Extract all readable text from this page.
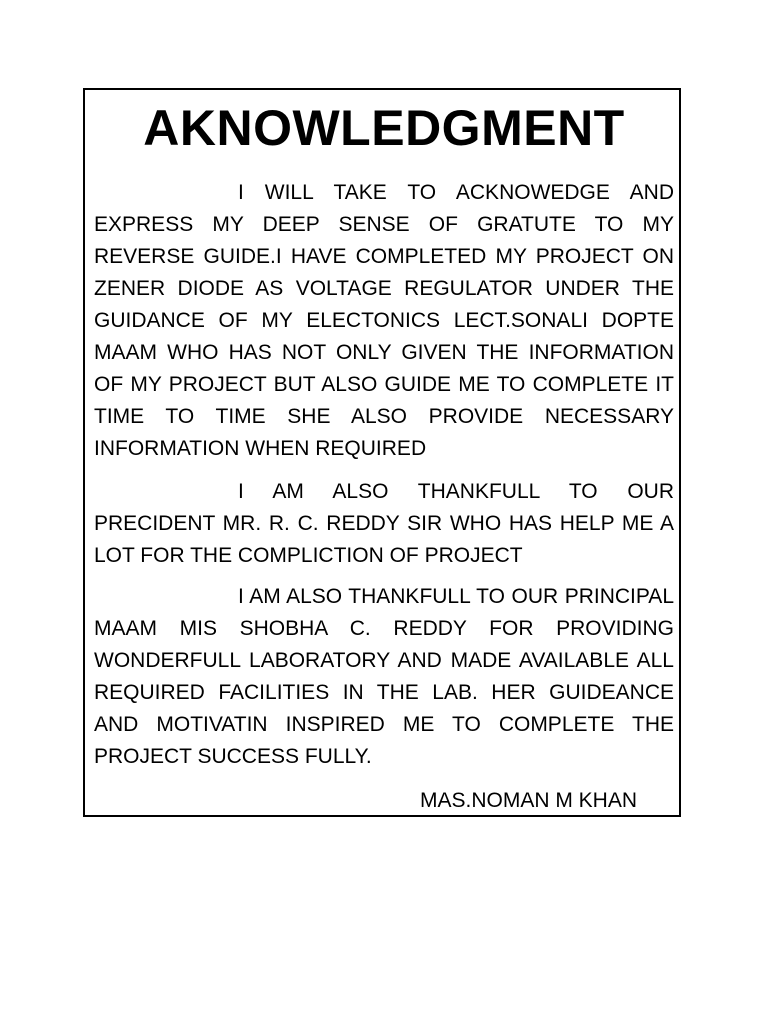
AKNOWLEDGMENT

I WILL TAKE TO ACKNOWEDGE AND EXPRESS MY DEEP SENSE OF GRATUTE TO MY REVERSE GUIDE.I HAVE COMPLETED MY PROJECT ON ZENER DIODE AS VOLTAGE REGULATOR UNDER THE GUIDANCE OF MY ELECTONICS LECT.SONALI DOPTE MAAM WHO HAS NOT ONLY GIVEN THE INFORMATION OF MY PROJECT BUT ALSO GUIDE ME TO COMPLETE IT TIME TO TIME SHE ALSO PROVIDE NECESSARY INFORMATION WHEN REQUIRED

I AM ALSO THANKFULL TO OUR PRECIDENT MR. R. C. REDDY SIR WHO HAS HELP ME A LOT FOR THE COMPLICTION OF PROJECT

I AM ALSO THANKFULL TO OUR PRINCIPAL MAAM MIS SHOBHA C. REDDY FOR PROVIDING WONDERFULL LABORATORY AND MADE AVAILABLE ALL REQUIRED FACILITIES IN THE LAB. HER GUIDEANCE AND MOTIVATIN INSPIRED ME TO COMPLETE THE PROJECT SUCCESS FULLY.

MAS.NOMAN M KHAN
